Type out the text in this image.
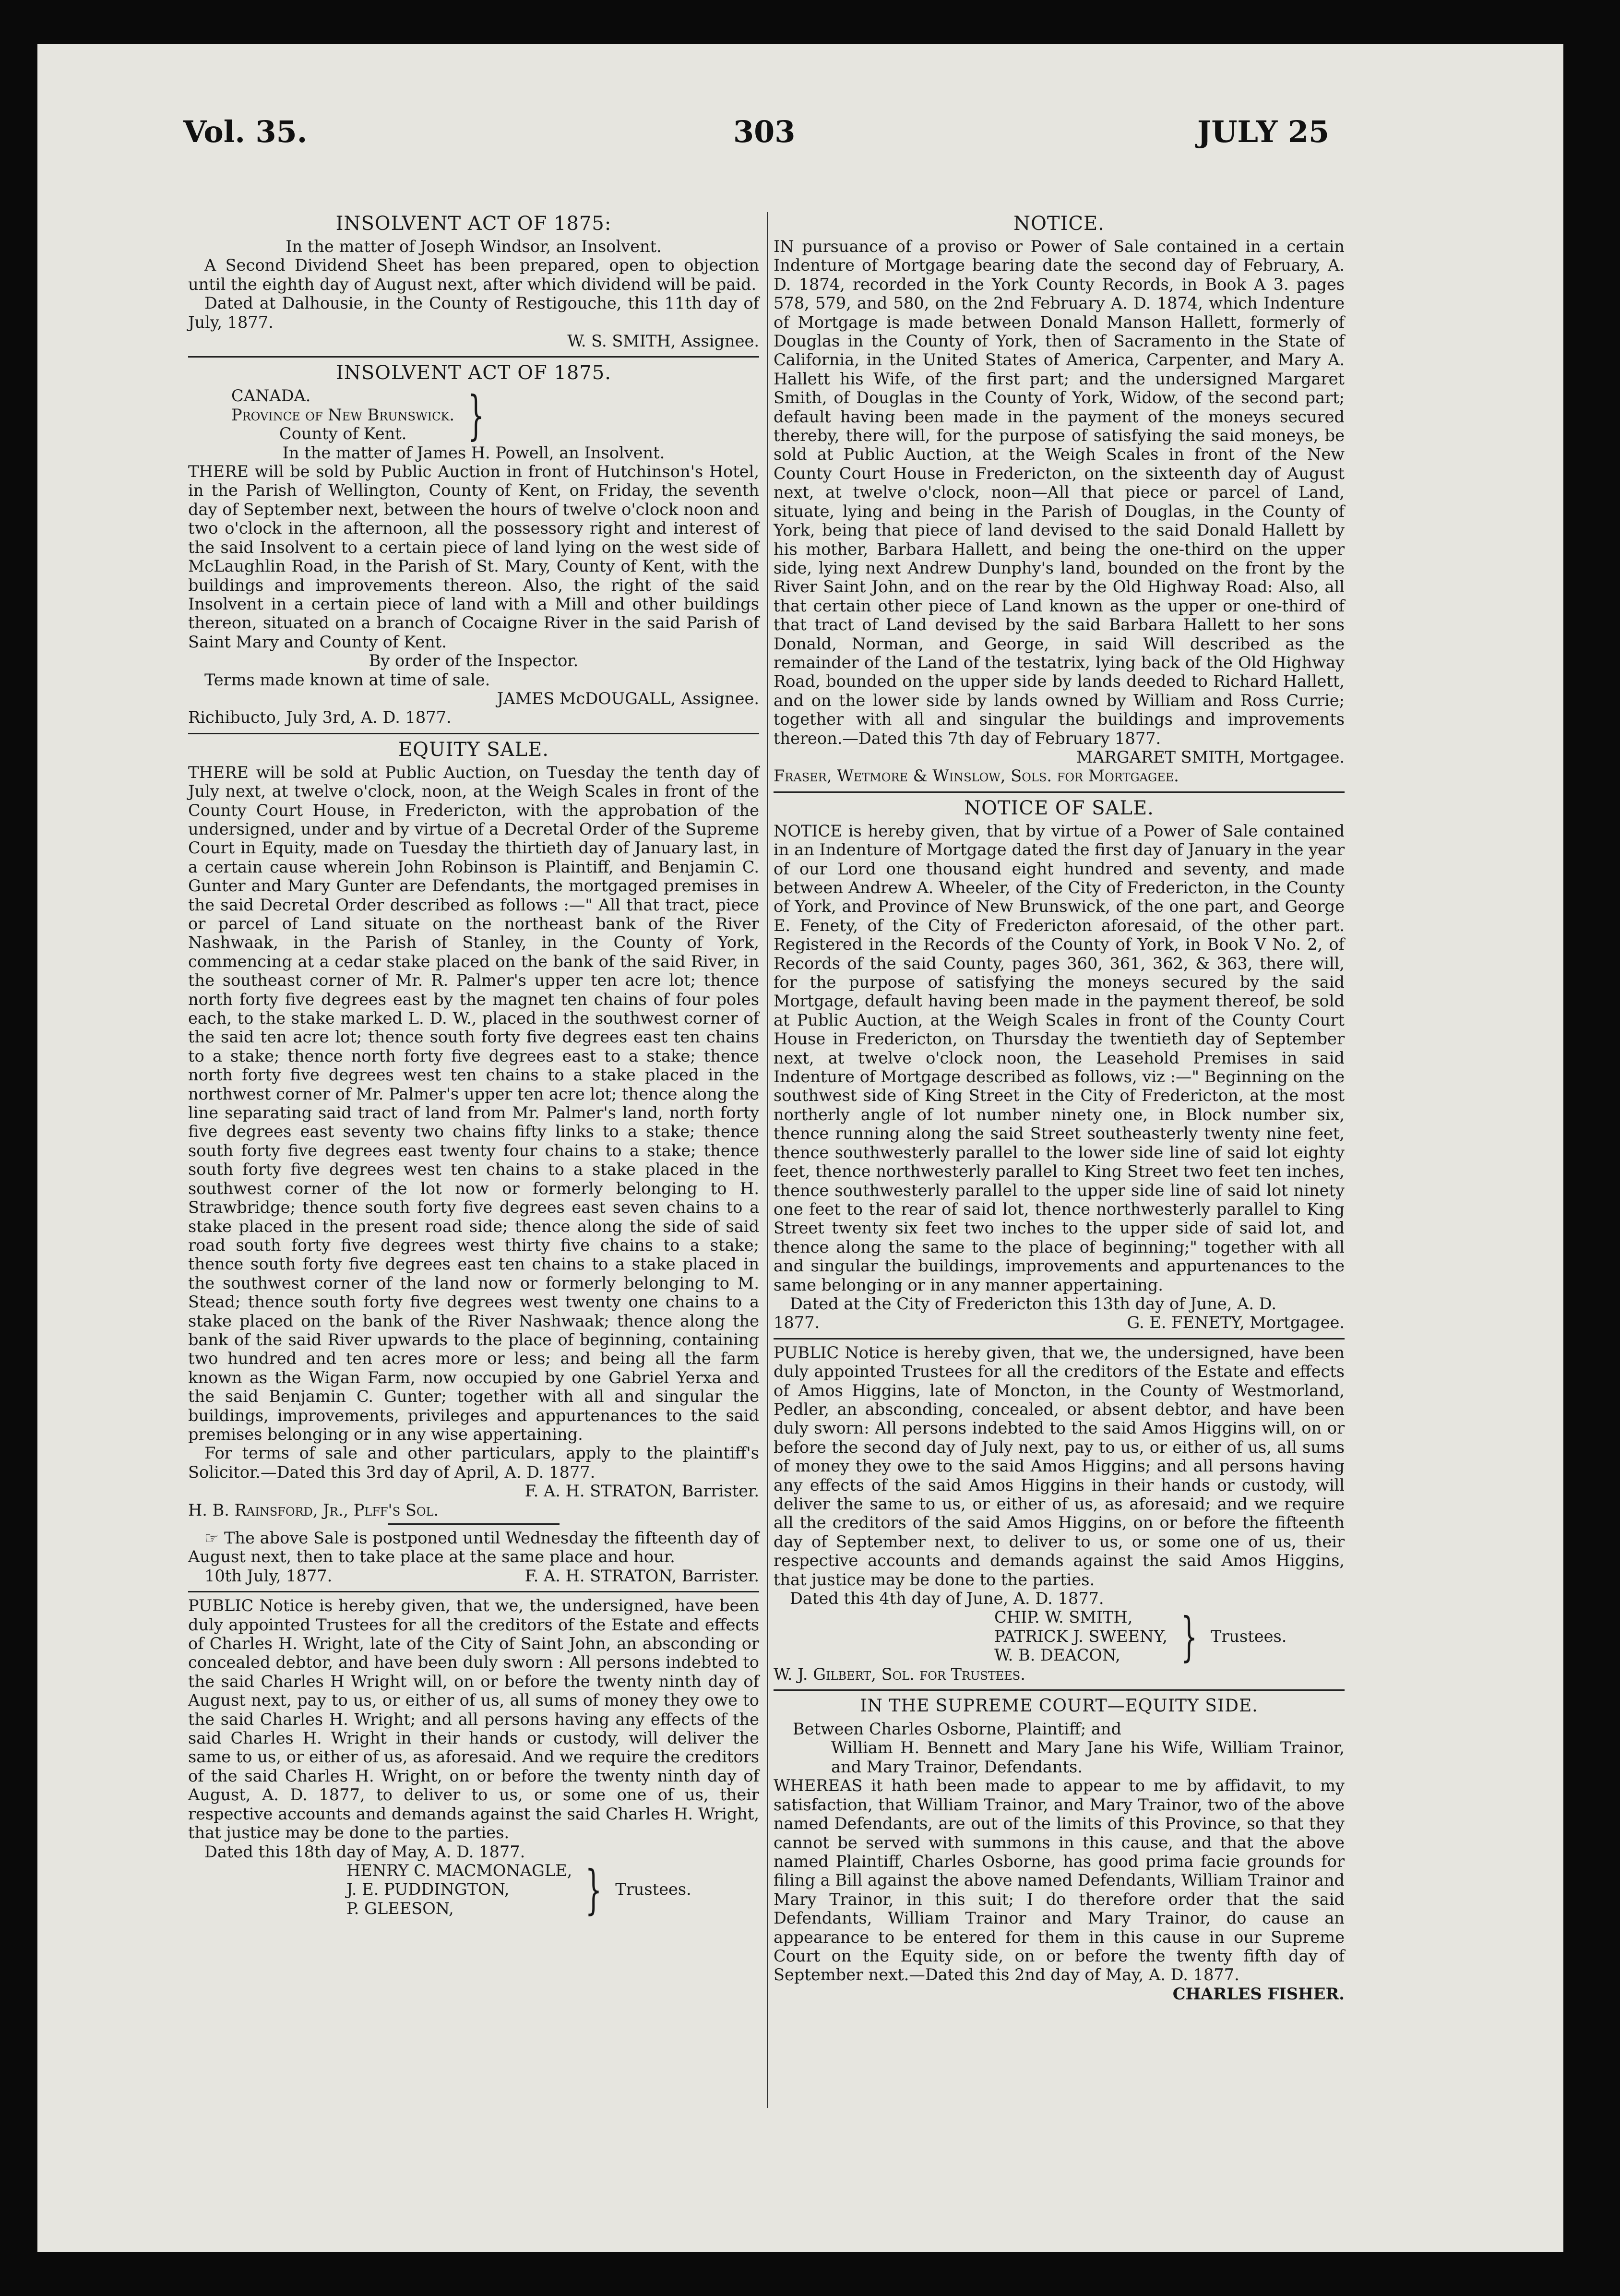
Vol. 35.	303	JULY 25
INSOLVENT ACT OF 1875:

In the matter of Joseph Windsor, an Insolvent.

A Second Dividend Sheet has been prepared, open to objection until the eighth day of August next, after which dividend will be paid.

Dated at Dalhousie, in the County of Restigouche, this 11th day of July, 1877.

W. S. SMITH, Assignee.

INSOLVENT ACT OF 1875.
CANADA.
Province of New Brunswick.
County of Kent.	}

In the matter of James H. Powell, an Insolvent.

THERE will be sold by Public Auction in front of Hutchinson's Hotel, in the Parish of Wellington, County of Kent, on Friday, the seventh day of September next, between the hours of twelve o'clock noon and two o'clock in the afternoon, all the possessory right and interest of the said Insolvent to a certain piece of land lying on the west side of McLaughlin Road, in the Parish of St. Mary, County of Kent, with the buildings and improvements thereon. Also, the right of the said Insolvent in a certain piece of land with a Mill and other buildings thereon, situated on a branch of Cocaigne River in the said Parish of Saint Mary and County of Kent.

By order of the Inspector.

Terms made known at time of sale.

JAMES McDOUGALL, Assignee.

Richibucto, July 3rd, A. D. 1877.

EQUITY SALE.

THERE will be sold at Public Auction, on Tuesday the tenth day of July next, at twelve o'clock, noon, at the Weigh Scales in front of the County Court House, in Fredericton, with the approbation of the undersigned, under and by virtue of a Decretal Order of the Supreme Court in Equity, made on Tuesday the thirtieth day of January last, in a certain cause wherein John Robinson is Plaintiff, and Benjamin C. Gunter and Mary Gunter are Defendants, the mortgaged premises in the said Decretal Order described as follows :—" All that tract, piece or parcel of Land situate on the northeast bank of the River Nashwaak, in the Parish of Stanley, in the County of York, commencing at a cedar stake placed on the bank of the said River, in the southeast corner of Mr. R. Palmer's upper ten acre lot; thence north forty five degrees east by the magnet ten chains of four poles each, to the stake marked L. D. W., placed in the southwest corner of the said ten acre lot; thence south forty five degrees east ten chains to a stake; thence north forty five degrees east to a stake; thence north forty five degrees west ten chains to a stake placed in the northwest corner of Mr. Palmer's upper ten acre lot; thence along the line separating said tract of land from Mr. Palmer's land, north forty five degrees east seventy two chains fifty links to a stake; thence south forty five degrees east twenty four chains to a stake; thence south forty five degrees west ten chains to a stake placed in the southwest corner of the lot now or formerly belonging to H. Strawbridge; thence south forty five degrees east seven chains to a stake placed in the present road side; thence along the side of said road south forty five degrees west thirty five chains to a stake; thence south forty five degrees east ten chains to a stake placed in the southwest corner of the land now or formerly belonging to M. Stead; thence south forty five degrees west twenty one chains to a stake placed on the bank of the River Nashwaak; thence along the bank of the said River upwards to the place of beginning, containing two hundred and ten acres more or less; and being all the farm known as the Wigan Farm, now occupied by one Gabriel Yerxa and the said Benjamin C. Gunter; together with all and singular the buildings, improvements, privileges and appurtenances to the said premises belonging or in any wise appertaining.

For terms of sale and other particulars, apply to the plaintiff's Solicitor.—Dated this 3rd day of April, A. D. 1877.

F. A. H. STRATON, Barrister.

H. B. Rainsford, Jr., Plff's Sol.

☞ The above Sale is postponed until Wednesday the fifteenth day of August next, then to take place at the same place and hour.

10th July, 1877.	F. A. H. STRATON, Barrister.

PUBLIC Notice is hereby given, that we, the undersigned, have been duly appointed Trustees for all the creditors of the Estate and effects of Charles H. Wright, late of the City of Saint John, an absconding or concealed debtor, and have been duly sworn : All persons indebted to the said Charles H Wright will, on or before the twenty ninth day of August next, pay to us, or either of us, all sums of money they owe to the said Charles H. Wright; and all persons having any effects of the said Charles H. Wright in their hands or custody, will deliver the same to us, or either of us, as aforesaid. And we require the creditors of the said Charles H. Wright, on or before the twenty ninth day of August, A. D. 1877, to deliver to us, or some one of us, their respective accounts and demands against the said Charles H. Wright, that justice may be done to the parties.

Dated this 18th day of May, A. D. 1877.

HENRY C. MACMONAGLE,
J. E. PUDDINGTON,
P. GLEESON,	} Trustees.
NOTICE.

IN pursuance of a proviso or Power of Sale contained in a certain Indenture of Mortgage bearing date the second day of February, A. D. 1874, recorded in the York County Records, in Book A 3. pages 578, 579, and 580, on the 2nd February A. D. 1874, which Indenture of Mortgage is made between Donald Manson Hallett, formerly of Douglas in the County of York, then of Sacramento in the State of California, in the United States of America, Carpenter, and Mary A. Hallett his Wife, of the first part; and the undersigned Margaret Smith, of Douglas in the County of York, Widow, of the second part; default having been made in the payment of the moneys secured thereby, there will, for the purpose of satisfying the said moneys, be sold at Public Auction, at the Weigh Scales in front of the New County Court House in Fredericton, on the sixteenth day of August next, at twelve o'clock, noon—All that piece or parcel of Land, situate, lying and being in the Parish of Douglas, in the County of York, being that piece of land devised to the said Donald Hallett by his mother, Barbara Hallett, and being the one-third on the upper side, lying next Andrew Dunphy's land, bounded on the front by the River Saint John, and on the rear by the Old Highway Road: Also, all that certain other piece of Land known as the upper or one-third of that tract of Land devised by the said Barbara Hallett to her sons Donald, Norman, and George, in said Will described as the remainder of the Land of the testatrix, lying back of the Old Highway Road, bounded on the upper side by lands deeded to Richard Hallett, and on the lower side by lands owned by William and Ross Currie; together with all and singular the buildings and improvements thereon.—Dated this 7th day of February 1877.

MARGARET SMITH, Mortgagee.

Fraser, Wetmore & Winslow, Sols. for Mortgagee.

NOTICE OF SALE.

NOTICE is hereby given, that by virtue of a Power of Sale contained in an Indenture of Mortgage dated the first day of January in the year of our Lord one thousand eight hundred and seventy, and made between Andrew A. Wheeler, of the City of Fredericton, in the County of York, and Province of New Brunswick, of the one part, and George E. Fenety, of the City of Fredericton aforesaid, of the other part. Registered in the Records of the County of York, in Book V No. 2, of Records of the said County, pages 360, 361, 362, & 363, there will, for the purpose of satisfying the moneys secured by the said Mortgage, default having been made in the payment thereof, be sold at Public Auction, at the Weigh Scales in front of the County Court House in Fredericton, on Thursday the twentieth day of September next, at twelve o'clock noon, the Leasehold Premises in said Indenture of Mortgage described as follows, viz :—" Beginning on the southwest side of King Street in the City of Fredericton, at the most northerly angle of lot number ninety one, in Block number six, thence running along the said Street southeasterly twenty nine feet, thence southwesterly parallel to the lower side line of said lot eighty feet, thence northwesterly parallel to King Street two feet ten inches, thence southwesterly parallel to the upper side line of said lot ninety one feet to the rear of said lot, thence northwesterly parallel to King Street twenty six feet two inches to the upper side of said lot, and thence along the same to the place of beginning;" together with all and singular the buildings, improvements and appurtenances to the same belonging or in any manner appertaining.

Dated at the City of Fredericton this 13th day of June, A. D.

1877.	G. E. FENETY, Mortgagee.

PUBLIC Notice is hereby given, that we, the undersigned, have been duly appointed Trustees for all the creditors of the Estate and effects of Amos Higgins, late of Moncton, in the County of Westmorland, Pedler, an absconding, concealed, or absent debtor, and have been duly sworn: All persons indebted to the said Amos Higgins will, on or before the second day of July next, pay to us, or either of us, all sums of money they owe to the said Amos Higgins; and all persons having any effects of the said Amos Higgins in their hands or custody, will deliver the same to us, or either of us, as aforesaid; and we require all the creditors of the said Amos Higgins, on or before the fifteenth day of September next, to deliver to us, or some one of us, their respective accounts and demands against the said Amos Higgins, that justice may be done to the parties.

Dated this 4th day of June, A. D. 1877.

CHIP. W. SMITH,
PATRICK J. SWEENY,
W. B. DEACON,	} Trustees.

W. J. Gilbert, Sol. for Trustees.

IN THE SUPREME COURT—EQUITY SIDE.

Between Charles Osborne, Plaintiff; and

William H. Bennett and Mary Jane his Wife, William Trainor, and Mary Trainor, Defendants.

WHEREAS it hath been made to appear to me by affidavit, to my satisfaction, that William Trainor, and Mary Trainor, two of the above named Defendants, are out of the limits of this Province, so that they cannot be served with summons in this cause, and that the above named Plaintiff, Charles Osborne, has good prima facie grounds for filing a Bill against the above named Defendants, William Trainor and Mary Trainor, in this suit; I do therefore order that the said Defendants, William Trainor and Mary Trainor, do cause an appearance to be entered for them in this cause in our Supreme Court on the Equity side, on or before the twenty fifth day of September next.—Dated this 2nd day of May, A. D. 1877.

CHARLES FISHER.
